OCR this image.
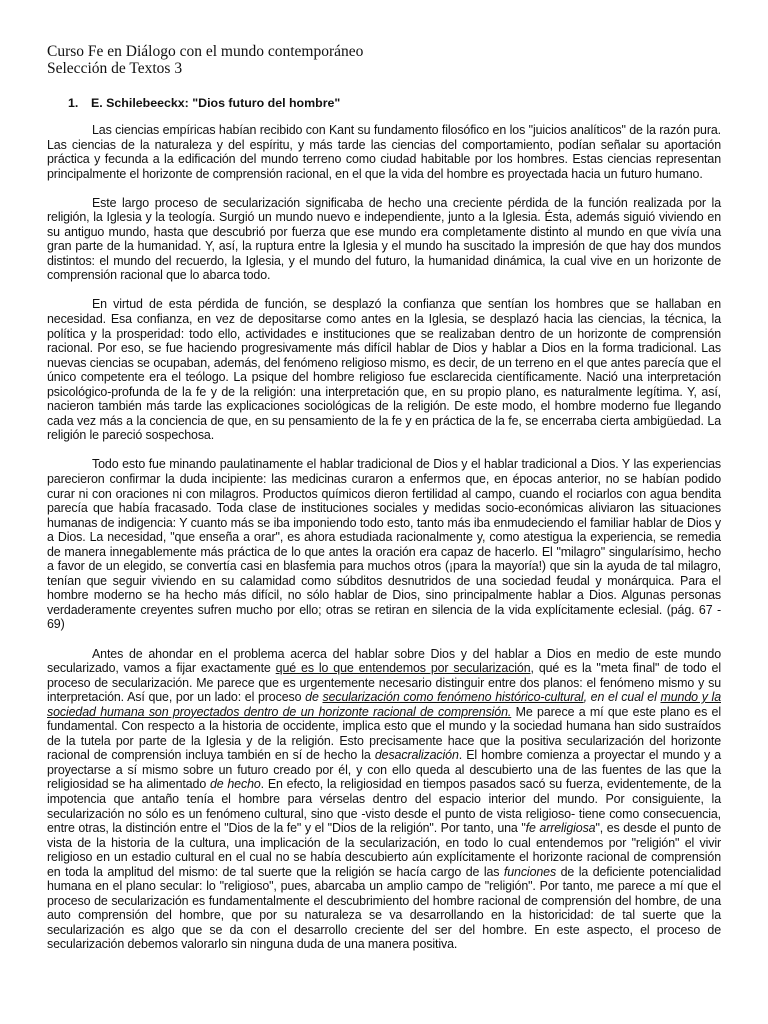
Curso Fe en Diálogo con el mundo contemporáneo
Selección de Textos 3
1. E. Schilebeeckx: "Dios futuro del hombre"

Las ciencias empíricas habían recibido con Kant su fundamento filosófico en los "juicios analíticos" de la razón pura. Las ciencias de la naturaleza y del espíritu, y más tarde las ciencias del comportamiento, podían señalar su aportación práctica y fecunda a la edificación del mundo terreno como ciudad habitable por los hombres. Estas ciencias representan principalmente el horizonte de comprensión racional, en el que la vida del hombre es proyectada hacia un futuro humano.

Este largo proceso de secularización significaba de hecho una creciente pérdida de la función realizada por la religión, la Iglesia y la teología. Surgió un mundo nuevo e independiente, junto a la Iglesia. Ésta, además siguió viviendo en su antiguo mundo, hasta que descubrió por fuerza que ese mundo era completamente distinto al mundo en que vivía una gran parte de la humanidad. Y, así, la ruptura entre la Iglesia y el mundo ha suscitado la impresión de que hay dos mundos distintos: el mundo del recuerdo, la Iglesia, y el mundo del futuro, la humanidad dinámica, la cual vive en un horizonte de comprensión racional que lo abarca todo.

En virtud de esta pérdida de función, se desplazó la confianza que sentían los hombres que se hallaban en necesidad. Esa confianza, en vez de depositarse como antes en la Iglesia, se desplazó hacia las ciencias, la técnica, la política y la prosperidad: todo ello, actividades e instituciones que se realizaban dentro de un horizonte de comprensión racional. Por eso, se fue haciendo progresivamente más difícil hablar de Dios y hablar a Dios en la forma tradicional. Las nuevas ciencias se ocupaban, además, del fenómeno religioso mismo, es decir, de un terreno en el que antes parecía que el único competente era el teólogo. La psique del hombre religioso fue esclarecida científicamente. Nació una interpretación psicológico-profunda de la fe y de la religión: una interpretación que, en su propio plano, es naturalmente legítima. Y, así, nacieron también más tarde las explicaciones sociológicas de la religión. De este modo, el hombre moderno fue llegando cada vez más a la conciencia de que, en su pensamiento de la fe y en práctica de la fe, se encerraba cierta ambigüedad. La religión le pareció sospechosa.

Todo esto fue minando paulatinamente el hablar tradicional de Dios y el hablar tradicional a Dios. Y las experiencias parecieron confirmar la duda incipiente: las medicinas curaron a enfermos que, en épocas anterior, no se habían podido curar ni con oraciones ni con milagros. Productos químicos dieron fertilidad al campo, cuando el rociarlos con agua bendita parecía que había fracasado. Toda clase de instituciones sociales y medidas socio-económicas aliviaron las situaciones humanas de indigencia: Y cuanto más se iba imponiendo todo esto, tanto más iba enmudeciendo el familiar hablar de Dios y a Dios. La necesidad, "que enseña a orar", es ahora estudiada racionalmente y, como atestigua la experiencia, se remedia de manera innegablemente más práctica de lo que antes la oración era capaz de hacerlo. El "milagro" singularísimo, hecho a favor de un elegido, se convertía casi en blasfemia para muchos otros (¡para la mayoría!) que sin la ayuda de tal milagro, tenían que seguir viviendo en su calamidad como súbditos desnutridos de una sociedad feudal y monárquica. Para el hombre moderno se ha hecho más difícil, no sólo hablar de Dios, sino principalmente hablar a Dios. Algunas personas verdaderamente creyentes sufren mucho por ello; otras se retiran en silencia de la vida explícitamente eclesial. (pág. 67 - 69)

Antes de ahondar en el problema acerca del hablar sobre Dios y del hablar a Dios en medio de este mundo secularizado, vamos a fijar exactamente qué es lo que entendemos por secularización, qué es la "meta final" de todo el proceso de secularización. Me parece que es urgentemente necesario distinguir entre dos planos: el fenómeno mismo y su interpretación. Así que, por un lado: el proceso de secularización como fenómeno histórico-cultural, en el cual el mundo y la sociedad humana son proyectados dentro de un horizonte racional de comprensión. Me parece a mí que este plano es el fundamental. Con respecto a la historia de occidente, implica esto que el mundo y la sociedad humana han sido sustraídos de la tutela por parte de la Iglesia y de la religión. Esto precisamente hace que la positiva secularización del horizonte racional de comprensión incluya también en sí de hecho la desacralización. El hombre comienza a proyectar el mundo y a proyectarse a sí mismo sobre un futuro creado por él, y con ello queda al descubierto una de las fuentes de las que la religiosidad se ha alimentado de hecho. En efecto, la religiosidad en tiempos pasados sacó su fuerza, evidentemente, de la impotencia que antaño tenía el hombre para vérselas dentro del espacio interior del mundo. Por consiguiente, la secularización no sólo es un fenómeno cultural, sino que -visto desde el punto de vista religioso- tiene como consecuencia, entre otras, la distinción entre el "Dios de la fe" y el "Dios de la religión". Por tanto, una "fe arreligiosa", es desde el punto de vista de la historia de la cultura, una implicación de la secularización, en todo lo cual entendemos por "religión" el vivir religioso en un estadio cultural en el cual no se había descubierto aún explícitamente el horizonte racional de comprensión en toda la amplitud del mismo: de tal suerte que la religión se hacía cargo de las funciones de la deficiente potencialidad humana en el plano secular: lo "religioso", pues, abarcaba un amplio campo de "religión". Por tanto, me parece a mí que el proceso de secularización es fundamentalmente el descubrimiento del hombre racional de comprensión del hombre, de una auto comprensión del hombre, que por su naturaleza se va desarrollando en la historicidad: de tal suerte que la secularización es algo que se da con el desarrollo creciente del ser del hombre. En este aspecto, el proceso de secularización debemos valorarlo sin ninguna duda de una manera positiva.
